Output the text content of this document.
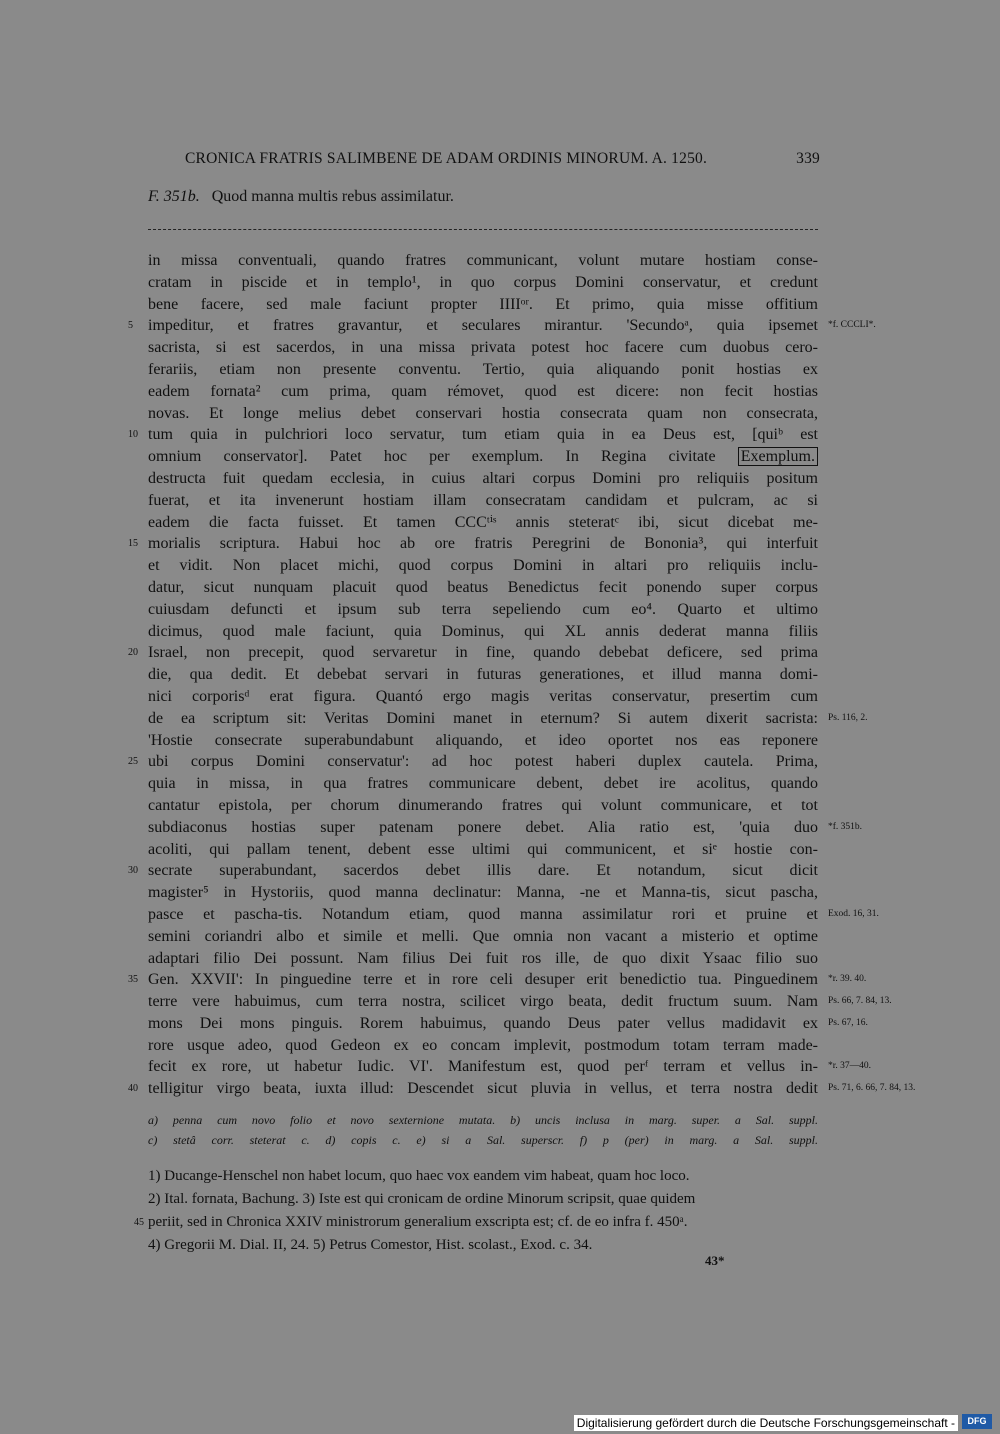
CRONICA FRATRIS SALIMBENE DE ADAM ORDINIS MINORUM. A. 1250.	339
F. 351b. Quod manna multis rebus assimilatur.
in missa conventuali, quando fratres communicant, volunt mutare hostiam conse-
cratam in piscide et in templo¹, in quo corpus Domini conservatur, et credunt
bene facere, sed male faciunt propter IIIIᵒʳ. Et primo, quia misse offitium
5 impeditur, et fratres gravantur, et seculares mirantur. 'Secundoᵃ, quia ipsemet *f. CCCLI*.
sacrista, si est sacerdos, in una missa privata potest hoc facere cum duobus cero-
ferariis, etiam non presente conventu. Tertio, quia aliquando ponit hostias ex
eadem fornata² cum prima, quam rémovet, quod est dicere: non fecit hostias
novas. Et longe melius debet conservari hostia consecrata quam non consecrata,
10 tum quia in pulchriori loco servatur, tum etiam quia in ea Deus est, [quiᵇ est
omnium conservator]. Patet hoc per exemplum. In Regina civitate Exemplum.
destructa fuit quedam ecclesia, in cuius altari corpus Domini pro reliquiis positum
fuerat, et ita invenerunt hostiam illam consecratam candidam et pulcram, ac si
eadem die facta fuisset. Et tamen CCCᵗⁱˢ annis steteratᶜ ibi, sicut dicebat me-
15 morialis scriptura. Habui hoc ab ore fratris Peregrini de Bononia³, qui interfuit
et vidit. Non placet michi, quod corpus Domini in altari pro reliquiis inclu-
datur, sicut nunquam placuit quod beatus Benedictus fecit ponendo super corpus
cuiusdam defuncti et ipsum sub terra sepeliendo cum eo⁴. Quarto et ultimo
dicimus, quod male faciunt, quia Dominus, qui XL annis dederat manna filiis
20 Israel, non precepit, quod servaretur in fine, quando debebat deficere, sed prima
die, qua dedit. Et debebat servari in futuras generationes, et illud manna domi-
nici corporisᵈ erat figura. Quantó ergo magis veritas conservatur, presertim cum
de ea scriptum sit: Veritas Domini manet in eternum? Si autem dixerit sacrista: Ps. 116, 2.
'Hostie consecrate superabundabunt aliquando, et ideo oportet nos eas reponere
25 ubi corpus Domini conservatur': ad hoc potest haberi duplex cautela. Prima,
quia in missa, in qua fratres communicare debent, debet ire acolitus, quando
cantatur epistola, per chorum dinumerando fratres qui volunt communicare, et tot
subdiaconus hostias super patenam ponere debet. Alia ratio est, 'quia duo *f. 351b.
acoliti, qui pallam tenent, debent esse ultimi qui communicent, et siᵉ hostie con-
30 secrate superabundant, sacerdos debet illis dare. Et notandum, sicut dicit
magister⁵ in Hystoriis, quod manna declinatur: Manna, -ne et Manna-tis, sicut pascha,
pasce et pascha-tis. Notandum etiam, quod manna assimilatur rori et pruine et Exod. 16, 31.
semini coriandri albo et simile et melli. Que omnia non vacant a misterio et optime
adaptari filio Dei possunt. Nam filius Dei fuit ros ille, de quo dixit Ysaac filio suo
35 Gen. XXVII': In pinguedine terre et in rore celi desuper erit benedictio tua. Pinguedinem *r. 39. 40.
terre vere habuimus, cum terra nostra, scilicet virgo beata, dedit fructum suum. Nam Ps. 66, 7. 84, 13.
mons Dei mons pinguis. Rorem habuimus, quando Deus pater vellus madidavit ex Ps. 67, 16.
rore usque adeo, quod Gedeon ex eo concam implevit, postmodum totam terram made-
fecit ex rore, ut habetur Iudic. VI'. Manifestum est, quod perᶠ terram et vellus in- *r. 37—40.
40 telligitur virgo beata, iuxta illud: Descendet sicut pluvia in vellus, et terra nostra dedit Ps. 71, 6. 66, 7. 84, 13.
a) penna cum novo folio et novo sexternione mutata. b) uncis inclusa in marg. super. a Sal. suppl.
c) stetâ corr. steterat c. d) copis c. e) si a Sal. superscr. f) p (per) in marg. a Sal. suppl.
1) Ducange-Henschel non habet locum, quo haec vox eandem vim habeat, quam hoc loco.
2) Ital. fornata, Bachung. 3) Iste est qui cronicam de ordine Minorum scripsit, quae quidem
45 periit, sed in Chronica XXIV ministrorum generalium exscripta est; cf. de eo infra f. 450ᵃ.
4) Gregorii M. Dial. II, 24. 5) Petrus Comestor, Hist. scolast., Exod. c. 34.
43*
Digitalisierung gefördert durch die Deutsche Forschungsgemeinschaft -	DFG
